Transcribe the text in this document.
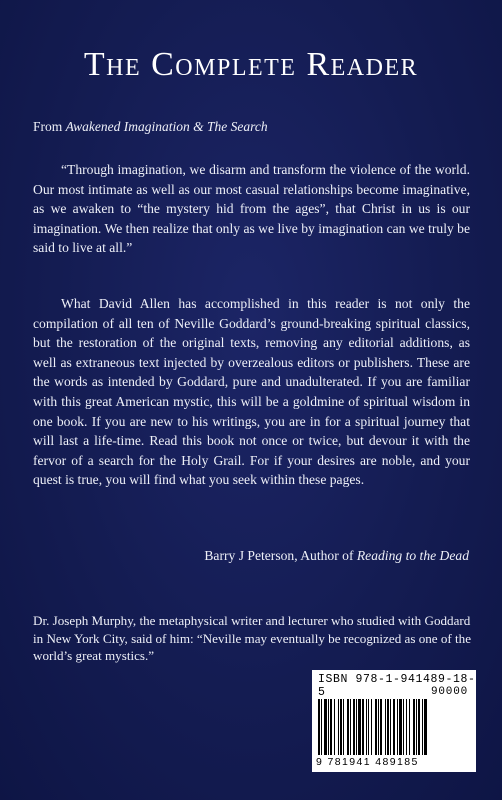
The Complete Reader
From Awakened Imagination & The Search
“Through imagination, we disarm and transform the violence of the world. Our most intimate as well as our most casual relationships become imaginative, as we awaken to “the mystery hid from the ages”, that Christ in us is our imagination. We then realize that only as we live by imagination can we truly be said to live at all.”
What David Allen has accomplished in this reader is not only the compilation of all ten of Neville Goddard’s ground-breaking spiritual classics, but the restoration of the original texts, removing any editorial additions, as well as extraneous text injected by overzealous editors or publishers. These are the words as intended by Goddard, pure and unadulterated. If you are familiar with this great American mystic, this will be a goldmine of spiritual wisdom in one book. If you are new to his writings, you are in for a spiritual journey that will last a life-time. Read this book not once or twice, but devour it with the fervor of a search for the Holy Grail. For if your desires are noble, and your quest is true, you will find what you seek within these pages.
Barry J Peterson, Author of Reading to the Dead
Dr. Joseph Murphy, the metaphysical writer and lecturer who studied with Goddard in New York City, said of him: “Neville may eventually be recognized as one of the world’s great mystics.”
ISBN 978-1-941489-18-5	90000
9 781941 489185
